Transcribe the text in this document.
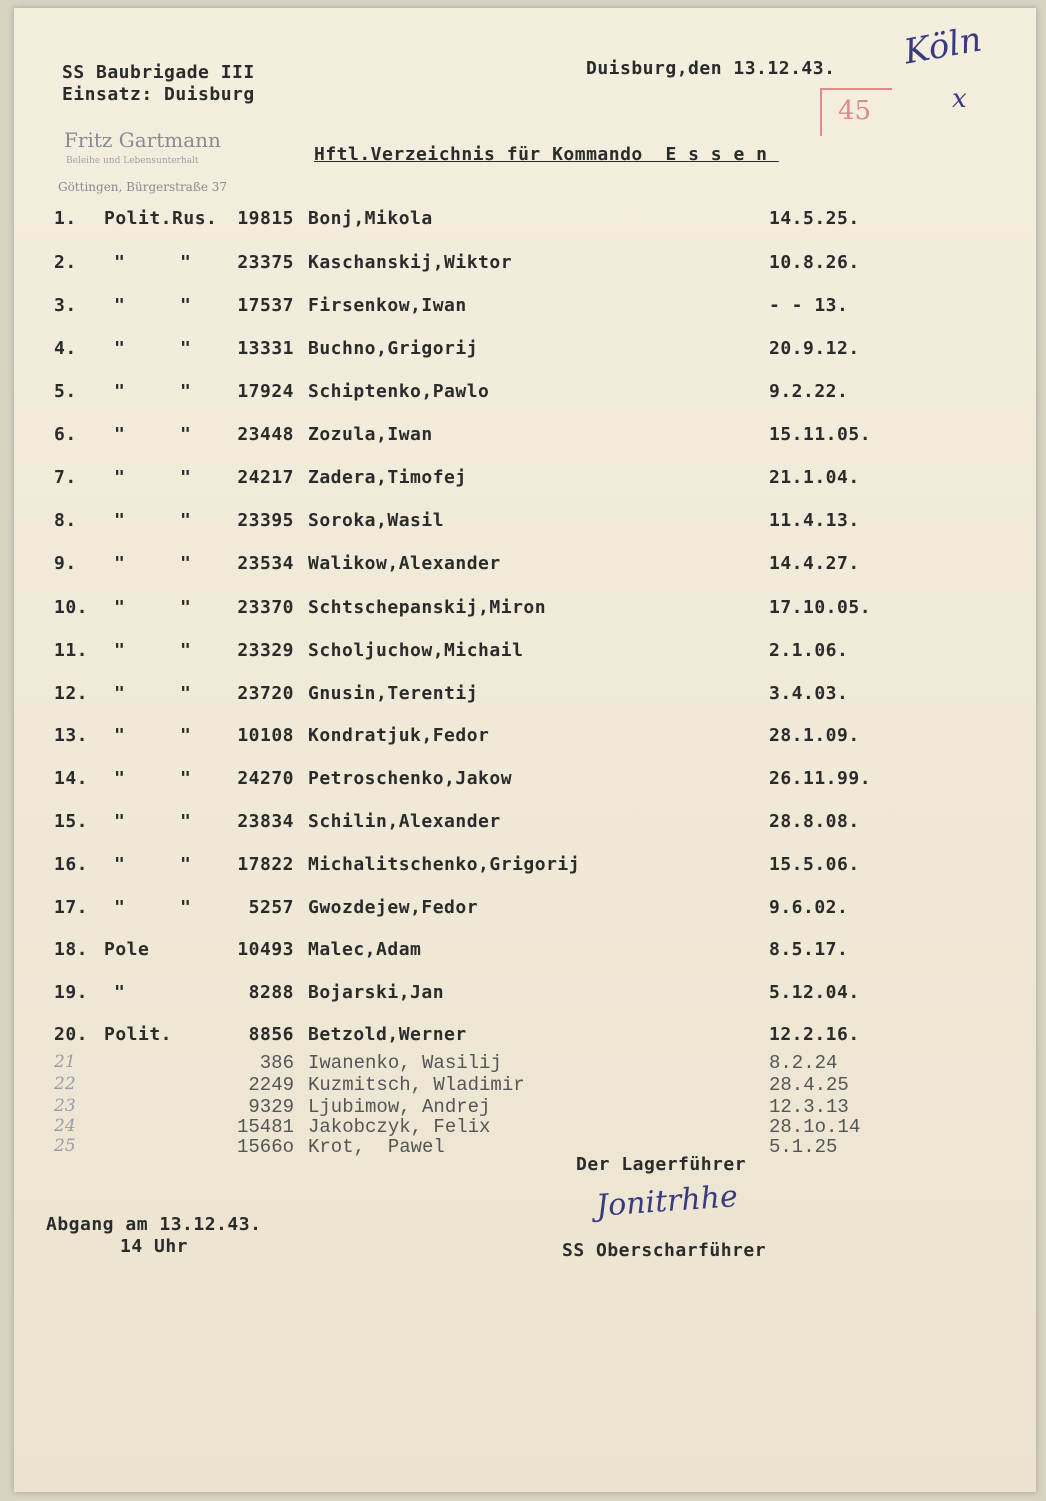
SS Baubrigade III
Einsatz: Duisburg
Duisburg,den 13.12.43. Köln
x
45
Fritz Gartmann
Beleihe und Lebensunterhalt
Göttingen, Bürgerstraße 37
Hftl.Verzeichnis für Kommando  E s s e n
1. Polit.Rus.	19815 Bonj,Mikola	14.5.25.
2. "	"	23375 Kaschanskij,Wiktor	10.8.26.
3. "	"	17537 Firsenkow,Iwan	- - 13.
4. "	"	13331 Buchno,Grigorij	20.9.12.
5. "	"	17924 Schiptenko,Pawlo	9.2.22.
6. "	"	23448 Zozula,Iwan	15.11.05.
7. "	"	24217 Zadera,Timofej	21.1.04.
8. "	"	23395 Soroka,Wasil	11.4.13.
9. "	"	23534 Walikow,Alexander	14.4.27.
10. "	"	23370 Schtschepanskij,Miron	17.10.05.
11. "	"	23329 Scholjuchow,Michail	2.1.06.
12. "	"	23720 Gnusin,Terentij	3.4.03.
13. "	"	10108 Kondratjuk,Fedor	28.1.09.
14. "	"	24270 Petroschenko,Jakow	26.11.99.
15. "	"	23834 Schilin,Alexander	28.8.08.
16. "	"	17822 Michalitschenko,Grigorij	15.5.06.
17. "	"	5257 Gwozdejew,Fedor	9.6.02.
18. Pole	10493 Malec,Adam	8.5.17.
19. "	8288 Bojarski,Jan	5.12.04.
20. Polit.	8856 Betzold,Werner	12.2.16.
21	386 Iwanenko, Wasilij	8.2.24
22	2249 Kuzmitsch, Wladimir	28.4.25
23	9329 Ljubimow, Andrej	12.3.13
24	15481 Jakobczyk, Felix	28.1o.14
25	1566o Krot,  Pawel	5.1.25
Der Lagerführer
Jonitrhhe
SS Oberscharführer
Abgang am 13.12.43.
14 Uhr
